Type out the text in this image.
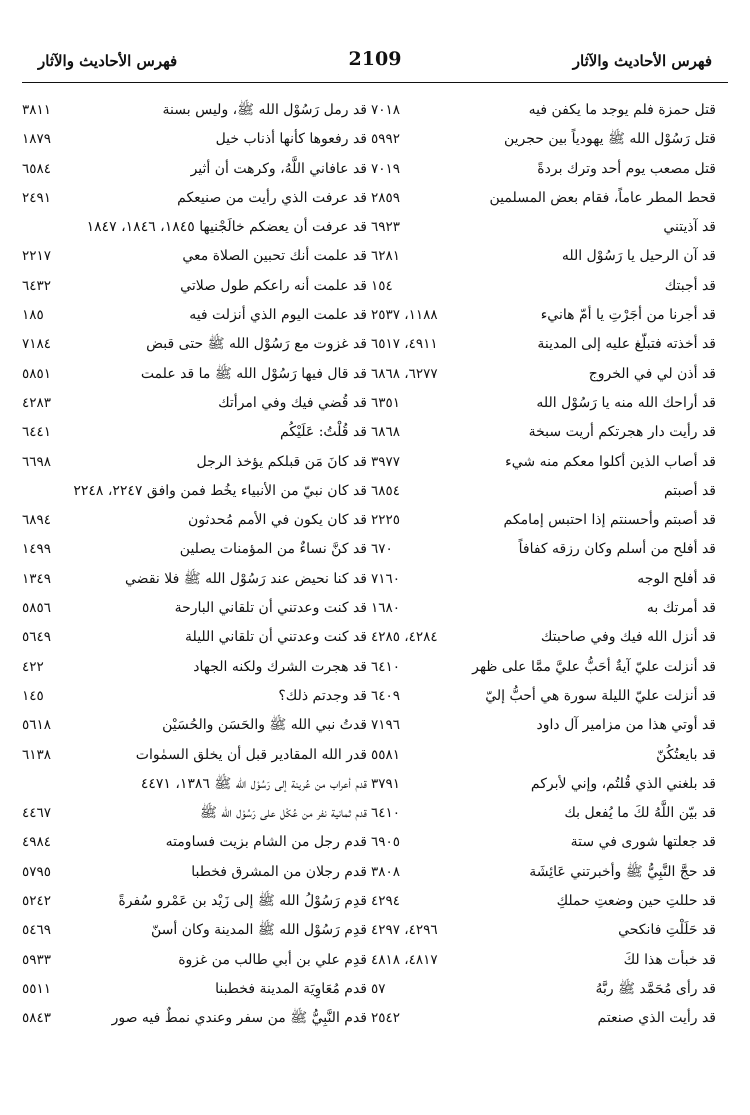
فهرس الأحاديث والآثار
2109
فهرس الأحاديث والآثار
قتل حمزة فلم يوجد ما يكفن فيه
٧٠١٨
قتل رَسُوْل الله ﷺ يهودياً بين حجرين
٥٩٩٢
قتل مصعب يوم أحد وترك بردةً
٧٠١٩
قحط المطر عاماً، فقام بعض المسلمين
٢٨٥٩
قد آذيتني
٦٩٢٣
قد آن الرحيل يا رَسُوْل الله
٦٢٨١
قد أجبتك
١٥٤
قد أجرنا من أجَرْتِ يا أمّ هانيء
١١٨٨، ٢٥٣٧
قد أخذته فتبلّغ عليه إلى المدينة
٤٩١١، ٦٥١٧
قد أذن لي في الخروج
٦٢٧٧، ٦٨٦٨
قد أراحك الله منه يا رَسُوْل الله
٦٣٥١
قد رأيت دار هجرتكم أريت سبخة
٦٨٦٨
قد أصاب الذين أكلوا معكم منه شيء
٣٩٧٧
قد أصبتم
٦٨٥٤
قد أصبتم وأحسنتم إذا احتبس إمامكم
٢٢٢٥
قد أفلح من أسلم وكان رزقه كفافاً
٦٧٠
قد أفلح الوجه
٧١٦٠
قد أمرتك به
١٦٨٠
قد أنزل الله فيك وفي صاحبتك
٤٢٨٤، ٤٢٨٥
قد أنزلت عليّ آيةٌ أحَبُّ عليَّ ممَّا على ظهر
٦٤١٠
قد أنزلت عليّ الليلة سورة هي أحبُّ إليّ
٦٤٠٩
قد أوتي هذا من مزامير آل داود
٧١٩٦
قد بايعتُكُنّ
٥٥٨١
قد بلغني الذي قُلتُم، وإني لأبركم
٣٧٩١
قد بيّن اللَّهُ لكَ ما يُفعل بك
٦٤١٠
قد جعلتها شورى في ستة
٦٩٠٥
قد حجَّ النَّبِيُّ ﷺ وأخبرتني عَائِشَة
٣٨٠٨
قد حللتِ حين وضعتِ حملكِ
٤٢٩٤
قد حَلَلْتِ فانكحي
٤٢٩٦، ٤٢٩٧
قد خبأت هذا لكَ
٤٨١٧، ٤٨١٨
قد رأى مُحَمَّد ﷺ ربَّهُ
٥٧
قد رأيت الذي صنعتم
٢٥٤٢
قد رمل رَسُوْل الله ﷺ، وليس بسنة
٣٨١١
قد رفعوها كأنها أذناب خيل
١٨٧٩
قد عافاني اللَّهُ، وكرهت أن أثير
٦٥٨٤
قد عرفت الذي رأيت من صنيعكم
٢٤٩١
قد عرفت أن يعضكم خالَجْنيها ١٨٤٥، ١٨٤٦، ١٨٤٧
قد علمت أنك تحبين الصلاة معي
٢٢١٧
قد علمت أنه راعكم طول صلاتي
٦٤٣٢
قد علمت اليوم الذي أنزلت فيه
١٨٥
قد غزوت مع رَسُوْل الله ﷺ حتى قبض
٧١٨٤
قد قال فيها رَسُوْل الله ﷺ ما قد علمت
٥٨٥١
قد قُضي فيك وفي امرأتك
٤٢٨٣
قد قُلْتُ: عَلَيْكُم
٦٤٤١
قد كانَ مَن قبلكم يؤخذ الرجل
٦٦٩٨
قد كان نبيّ من الأنبياء يخُط فمن وافق ٢٢٤٧، ٢٢٤٨
قد كان يكون في الأمم مُحدثون
٦٨٩٤
قد كنَّ نساءٌ من المؤمنات يصلين
١٤٩٩
قد كنا نحيض عند رَسُوْل الله ﷺ فلا نقضي
١٣٤٩
قد كنت وعدتني أن تلقاني البارحة
٥٨٥٦
قد كنت وعدتني أن تلقاني الليلة
٥٦٤٩
قد هجرت الشرك ولكنه الجهاد
٤٢٢
قد وجدتم ذلك؟
١٤٥
قدتُ نبي الله ﷺ والحَسَن والحُسَيْن
٥٦١٨
قدر الله المقادير قبل أن يخلق السمٰوات
٦١٣٨
قدم أعراب من عُرينة إلى رَسُوْل الله ﷺ ١٣٨٦، ٤٤٧١
قدم ثمانية نفر من عُكْل على رَسُوْل الله ﷺ
٤٤٦٧
قدم رجل من الشام بزيت فساومته
٤٩٨٤
قدم رجلان من المشرق فخطبا
٥٧٩٥
قدِم رَسُوْلُ الله ﷺ إلى زَيْد بن عَمْرو سُفرةً
٥٢٤٢
قدِم رَسُوْل الله ﷺ المدينة وكان أسنّ
٥٤٦٩
قدِم علي بن أبي طالب من غزوة
٥٩٣٣
قدم مُعَاوِيَة المدينة فخطبنا
٥٥١١
قدم النَّبِيُّ ﷺ من سفر وعندي نمطٌ فيه صور
٥٨٤٣
